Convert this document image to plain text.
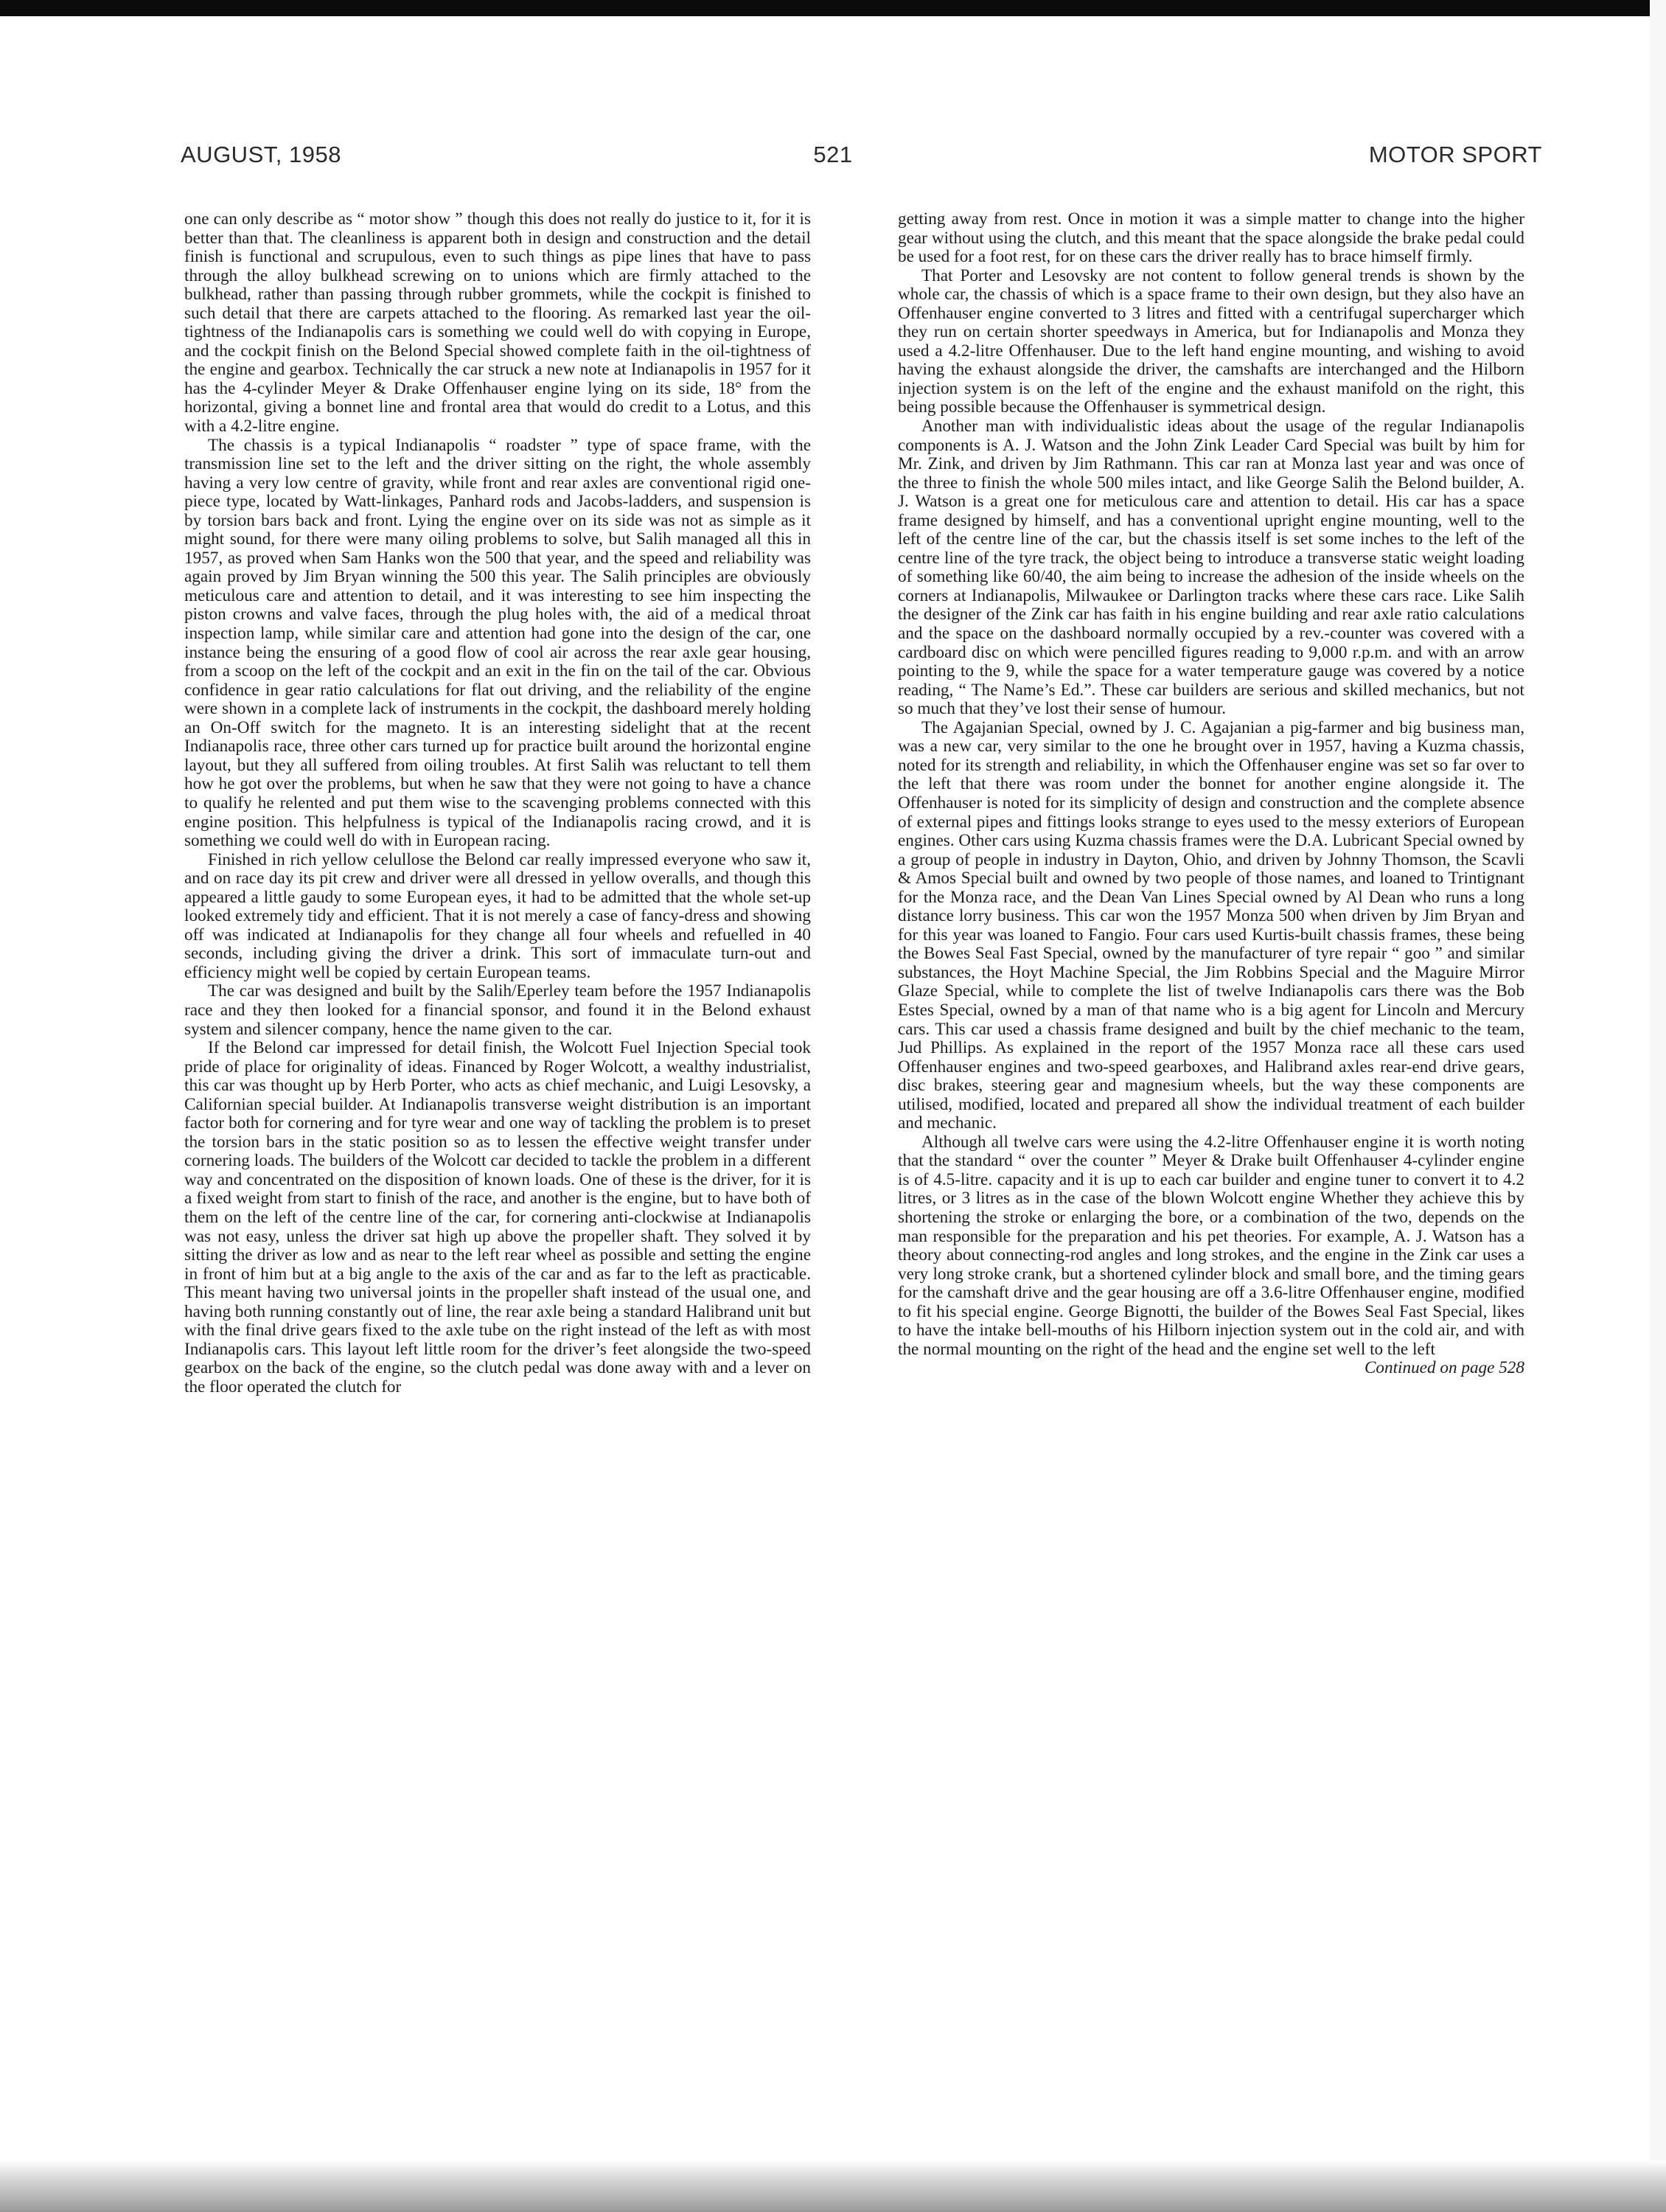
AUGUST, 1958	521	MOTOR SPORT

one can only describe as “ motor show ” though this does not really do justice to it, for it is better than that. The cleanliness is apparent both in design and construction and the detail finish is functional and scrupulous, even to such things as pipe lines that have to pass through the alloy bulkhead screwing on to unions which are firmly attached to the bulkhead, rather than passing through rubber grommets, while the cockpit is finished to such detail that there are carpets attached to the flooring. As remarked last year the oil-tightness of the Indianapolis cars is something we could well do with copying in Europe, and the cockpit finish on the Belond Special showed complete faith in the oil-tightness of the engine and gearbox. Technically the car struck a new note at Indianapolis in 1957 for it has the 4-cylinder Meyer & Drake Offenhauser engine lying on its side, 18° from the horizontal, giving a bonnet line and frontal area that would do credit to a Lotus, and this with a 4.2-litre engine.

The chassis is a typical Indianapolis “ roadster ” type of space frame, with the transmission line set to the left and the driver sitting on the right, the whole assembly having a very low centre of gravity, while front and rear axles are conventional rigid one-piece type, located by Watt-linkages, Panhard rods and Jacobs-ladders, and suspension is by torsion bars back and front. Lying the engine over on its side was not as simple as it might sound, for there were many oiling problems to solve, but Salih managed all this in 1957, as proved when Sam Hanks won the 500 that year, and the speed and reliability was again proved by Jim Bryan winning the 500 this year. The Salih principles are obviously meticulous care and attention to detail, and it was interesting to see him inspecting the piston crowns and valve faces, through the plug holes with, the aid of a medical throat inspection lamp, while similar care and attention had gone into the design of the car, one instance being the ensuring of a good flow of cool air across the rear axle gear housing, from a scoop on the left of the cockpit and an exit in the fin on the tail of the car. Obvious confidence in gear ratio calculations for flat out driving, and the reliability of the engine were shown in a complete lack of instruments in the cockpit, the dashboard merely holding an On-Off switch for the magneto. It is an interesting sidelight that at the recent Indianapolis race, three other cars turned up for practice built around the horizontal engine layout, but they all suffered from oiling troubles. At first Salih was reluctant to tell them how he got over the problems, but when he saw that they were not going to have a chance to qualify he relented and put them wise to the scavenging problems connected with this engine position. This helpfulness is typical of the Indianapolis racing crowd, and it is something we could well do with in European racing.

Finished in rich yellow celullose the Belond car really impressed everyone who saw it, and on race day its pit crew and driver were all dressed in yellow overalls, and though this appeared a little gaudy to some European eyes, it had to be admitted that the whole set-up looked extremely tidy and efficient. That it is not merely a case of fancy-dress and showing off was indicated at Indianapolis for they change all four wheels and refuelled in 40 seconds, including giving the driver a drink. This sort of immaculate turn-out and efficiency might well be copied by certain European teams.

The car was designed and built by the Salih/Eperley team before the 1957 Indianapolis race and they then looked for a financial sponsor, and found it in the Belond exhaust system and silencer company, hence the name given to the car.

If the Belond car impressed for detail finish, the Wolcott Fuel Injection Special took pride of place for originality of ideas. Financed by Roger Wolcott, a wealthy industrialist, this car was thought up by Herb Porter, who acts as chief mechanic, and Luigi Lesovsky, a Californian special builder. At Indianapolis transverse weight distribution is an important factor both for cornering and for tyre wear and one way of tackling the problem is to preset the torsion bars in the static position so as to lessen the effective weight transfer under cornering loads. The builders of the Wolcott car decided to tackle the problem in a different way and concentrated on the disposition of known loads. One of these is the driver, for it is a fixed weight from start to finish of the race, and another is the engine, but to have both of them on the left of the centre line of the car, for cornering anti-clockwise at Indianapolis was not easy, unless the driver sat high up above the propeller shaft. They solved it by sitting the driver as low and as near to the left rear wheel as possible and setting the engine in front of him but at a big angle to the axis of the car and as far to the left as practicable. This meant having two universal joints in the propeller shaft instead of the usual one, and having both running constantly out of line, the rear axle being a standard Halibrand unit but with the final drive gears fixed to the axle tube on the right instead of the left as with most Indianapolis cars. This layout left little room for the driver’s feet alongside the two-speed gearbox on the back of the engine, so the clutch pedal was done away with and a lever on the floor operated the clutch for

getting away from rest. Once in motion it was a simple matter to change into the higher gear without using the clutch, and this meant that the space alongside the brake pedal could be used for a foot rest, for on these cars the driver really has to brace himself firmly.

That Porter and Lesovsky are not content to follow general trends is shown by the whole car, the chassis of which is a space frame to their own design, but they also have an Offenhauser engine converted to 3 litres and fitted with a centrifugal supercharger which they run on certain shorter speedways in America, but for Indianapolis and Monza they used a 4.2-litre Offenhauser. Due to the left hand engine mounting, and wishing to avoid having the exhaust alongside the driver, the camshafts are interchanged and the Hilborn injection system is on the left of the engine and the exhaust manifold on the right, this being possible because the Offenhauser is symmetrical design.

Another man with individualistic ideas about the usage of the regular Indianapolis components is A. J. Watson and the John Zink Leader Card Special was built by him for Mr. Zink, and driven by Jim Rathmann. This car ran at Monza last year and was once of the three to finish the whole 500 miles intact, and like George Salih the Belond builder, A. J. Watson is a great one for meticulous care and attention to detail. His car has a space frame designed by himself, and has a conventional upright engine mounting, well to the left of the centre line of the car, but the chassis itself is set some inches to the left of the centre line of the tyre track, the object being to introduce a transverse static weight loading of something like 60/40, the aim being to increase the adhesion of the inside wheels on the corners at Indianapolis, Milwaukee or Darlington tracks where these cars race. Like Salih the designer of the Zink car has faith in his engine building and rear axle ratio calculations and the space on the dashboard normally occupied by a rev.-counter was covered with a cardboard disc on which were pencilled figures reading to 9,000 r.p.m. and with an arrow pointing to the 9, while the space for a water temperature gauge was covered by a notice reading, “ The Name’s Ed.”. These car builders are serious and skilled mechanics, but not so much that they’ve lost their sense of humour.

The Agajanian Special, owned by J. C. Agajanian a pig-farmer and big business man, was a new car, very similar to the one he brought over in 1957, having a Kuzma chassis, noted for its strength and reliability, in which the Offenhauser engine was set so far over to the left that there was room under the bonnet for another engine alongside it. The Offenhauser is noted for its simplicity of design and construction and the complete absence of external pipes and fittings looks strange to eyes used to the messy exteriors of European engines. Other cars using Kuzma chassis frames were the D.A. Lubricant Special owned by a group of people in industry in Dayton, Ohio, and driven by Johnny Thomson, the Scavli & Amos Special built and owned by two people of those names, and loaned to Trintignant for the Monza race, and the Dean Van Lines Special owned by Al Dean who runs a long distance lorry business. This car won the 1957 Monza 500 when driven by Jim Bryan and for this year was loaned to Fangio. Four cars used Kurtis-built chassis frames, these being the Bowes Seal Fast Special, owned by the manufacturer of tyre repair “ goo ” and similar substances, the Hoyt Machine Special, the Jim Robbins Special and the Maguire Mirror Glaze Special, while to complete the list of twelve Indianapolis cars there was the Bob Estes Special, owned by a man of that name who is a big agent for Lincoln and Mercury cars. This car used a chassis frame designed and built by the chief mechanic to the team, Jud Phillips. As explained in the report of the 1957 Monza race all these cars used Offenhauser engines and two-speed gearboxes, and Halibrand axles rear-end drive gears, disc brakes, steering gear and magnesium wheels, but the way these components are utilised, modified, located and prepared all show the individual treatment of each builder and mechanic.

Although all twelve cars were using the 4.2-litre Offenhauser engine it is worth noting that the standard “ over the counter ” Meyer & Drake built Offenhauser 4-cylinder engine is of 4.5-litre. capacity and it is up to each car builder and engine tuner to convert it to 4.2 litres, or 3 litres as in the case of the blown Wolcott engine Whether they achieve this by shortening the stroke or enlarging the bore, or a combination of the two, depends on the man responsible for the preparation and his pet theories. For example, A. J. Watson has a theory about connecting-rod angles and long strokes, and the engine in the Zink car uses a very long stroke crank, but a shortened cylinder block and small bore, and the timing gears for the camshaft drive and the gear housing are off a 3.6-litre Offenhauser engine, modified to fit his special engine. George Bignotti, the builder of the Bowes Seal Fast Special, likes to have the intake bell-mouths of his Hilborn injection system out in the cold air, and with the normal mounting on the right of the head and the engine set well to the left

Continued on page 528
